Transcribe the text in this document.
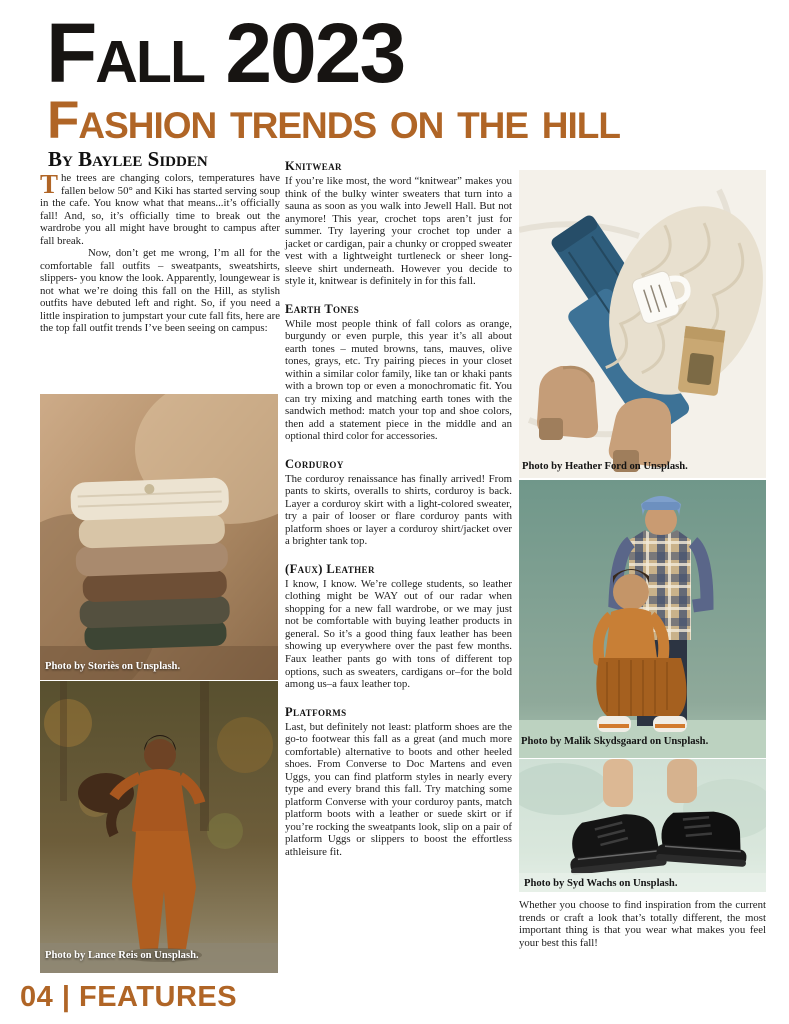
Fall 2023
Fashion trends on the hill
By Baylee Sidden

The trees are changing colors, temperatures have fallen below 50° and Kiki has started serving soup in the cafe. You know what that means...it’s officially fall! And, so, it’s officially time to break out the wardrobe you all might have brought to campus after fall break.

Now, don’t get me wrong, I’m all for the comfortable fall outfits – sweatpants, sweatshirts, slippers- you know the look. Apparently, loungewear is not what we’re doing this fall on the Hill, as stylish outfits have debuted left and right. So, if you need a little inspiration to jumpstart your cute fall fits, here are the top fall outfit trends I’ve been seeing on campus:

Knitwear

If you’re like most, the word “knitwear” makes you think of the bulky winter sweaters that turn into a sauna as soon as you walk into Jewell Hall. But not anymore! This year, crochet tops aren’t just for summer. Try layering your crochet top under a jacket or cardigan, pair a chunky or cropped sweater vest with a lightweight turtleneck or sheer long-sleeve shirt underneath. However you decide to style it, knitwear is definitely in for this fall.

Earth Tones

While most people think of fall colors as orange, burgundy or even purple, this year it’s all about earth tones – muted browns, tans, mauves, olive tones, grays, etc. Try pairing pieces in your closet within a similar color family, like tan or khaki pants with a brown top or even a monochromatic fit. You can try mixing and matching earth tones with the sandwich method: match your top and shoe colors, then add a statement piece in the middle and an optional third color for accessories.

Corduroy

The corduroy renaissance has finally arrived! From pants to skirts, overalls to shirts, corduroy is back. Layer a corduroy skirt with a light-colored sweater, try a pair of looser or flare corduroy pants with platform shoes or layer a corduroy shirt/jacket over a brighter tank top.

(Faux) Leather

I know, I know. We’re college students, so leather clothing might be WAY out of our radar when shopping for a new fall wardrobe, or we may just not be comfortable with buying leather products in general. So it’s a good thing faux leather has been showing up everywhere over the past few months. Faux leather pants go with tons of different top options, such as sweaters, cardigans or–for the bold among us–a faux leather top.

Platforms

Last, but definitely not least: platform shoes are the go-to footwear this fall as a great (and much more comfortable) alternative to boots and other heeled shoes. From Converse to Doc Martens and even Uggs, you can find platform styles in nearly every type and every brand this fall. Try matching some platform Converse with your corduroy pants, match platform boots with a leather or suede skirt or if you’re rocking the sweatpants look, slip on a pair of platform Uggs or slippers to boost the effortless athleisure fit.

Photo by Storiès on Unsplash.
Photo by Lance Reis on Unsplash.
Photo by Heather Ford on Unsplash.
Photo by Malik Skydsgaard on Unsplash.
Photo by Syd Wachs on Unsplash.

Whether you choose to find inspiration from the current trends or craft a look that’s totally different, the most important thing is that you wear what makes you feel your best this fall!

04 | FEATURES
